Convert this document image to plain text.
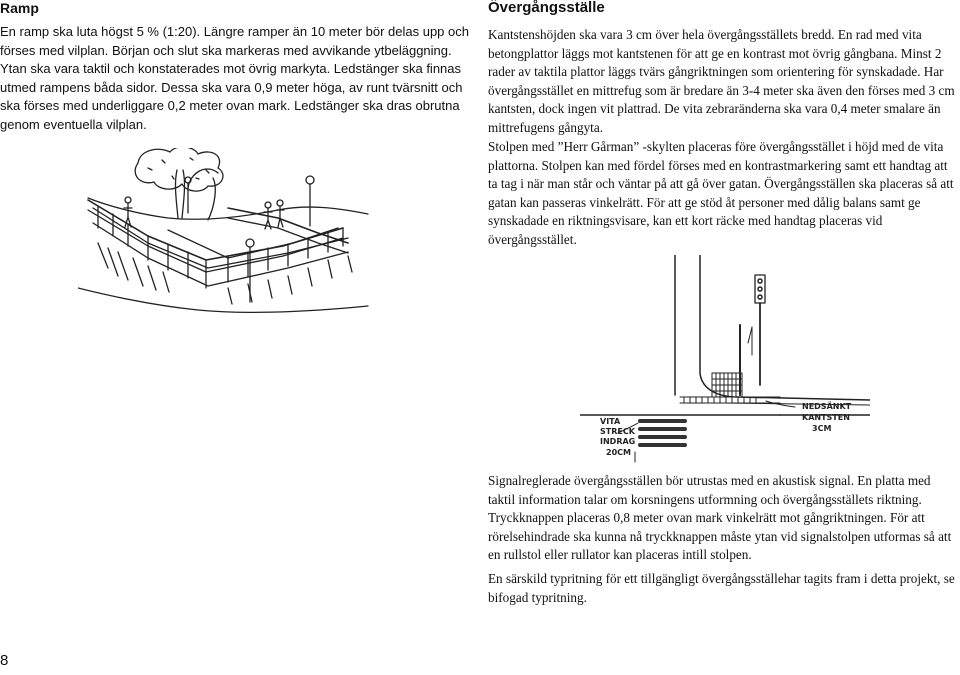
Ramp

En ramp ska luta högst 5 % (1:20). Längre ramper än 10 meter bör delas upp och förses med vilplan. Början och slut ska markeras med avvikande ytbeläggning. Ytan ska vara taktil och konstaterades mot övrig markyta. Ledstänger ska finnas utmed rampens båda sidor. Dessa ska vara 0,9 meter höga, av runt tvärsnitt och ska förses med underliggare 0,2 meter ovan mark. Ledstänger ska dras obrutna genom eventuella vilplan.

Övergångsställe

Kantstenshöjden ska vara 3 cm över hela övergångsställets bredd. En rad med vita betongplattor läggs mot kantstenen för att ge en kontrast mot övrig gångbana. Minst 2 rader av taktila plattor läggs tvärs gångriktningen som orientering för synskadade. Har övergångsstället en mittrefug som är bredare än 3-4 meter ska även den förses med 3 cm kantsten, dock ingen vit plattrad. De vita zebraränderna ska vara 0,4 meter smalare än mittrefugens gångyta.

Stolpen med ”Herr Gårman” -skylten placeras före övergångsstället i höjd med de vita plattorna. Stolpen kan med fördel förses med en kontrastmarkering samt ett handtag att ta tag i när man står och väntar på att gå över gatan. Övergångsställen ska placeras så att gatan kan passeras vinkelrätt. För att ge stöd åt personer med dålig balans samt ge synskadade en riktningsvisare, kan ett kort räcke med handtag placeras vid övergångsstället.

Signalreglerade övergångsställen bör utrustas med en akustisk signal. En platta med taktil information talar om korsningens utformning och övergångsställets riktning. Tryckknappen placeras 0,8 meter ovan mark vinkelrätt mot gångriktningen. För att rörelsehindrade ska kunna nå tryckknappen måste ytan vid signalstolpen utformas så att en rullstol eller rullator kan placeras intill stolpen.

En särskild typritning för ett tillgängligt övergångsställehar tagits fram i detta projekt, se bifogad typritning.

VITA
STRECK
INDRAG
20CM
NEDSÄNKT
KANTSTEN
3CM
8
